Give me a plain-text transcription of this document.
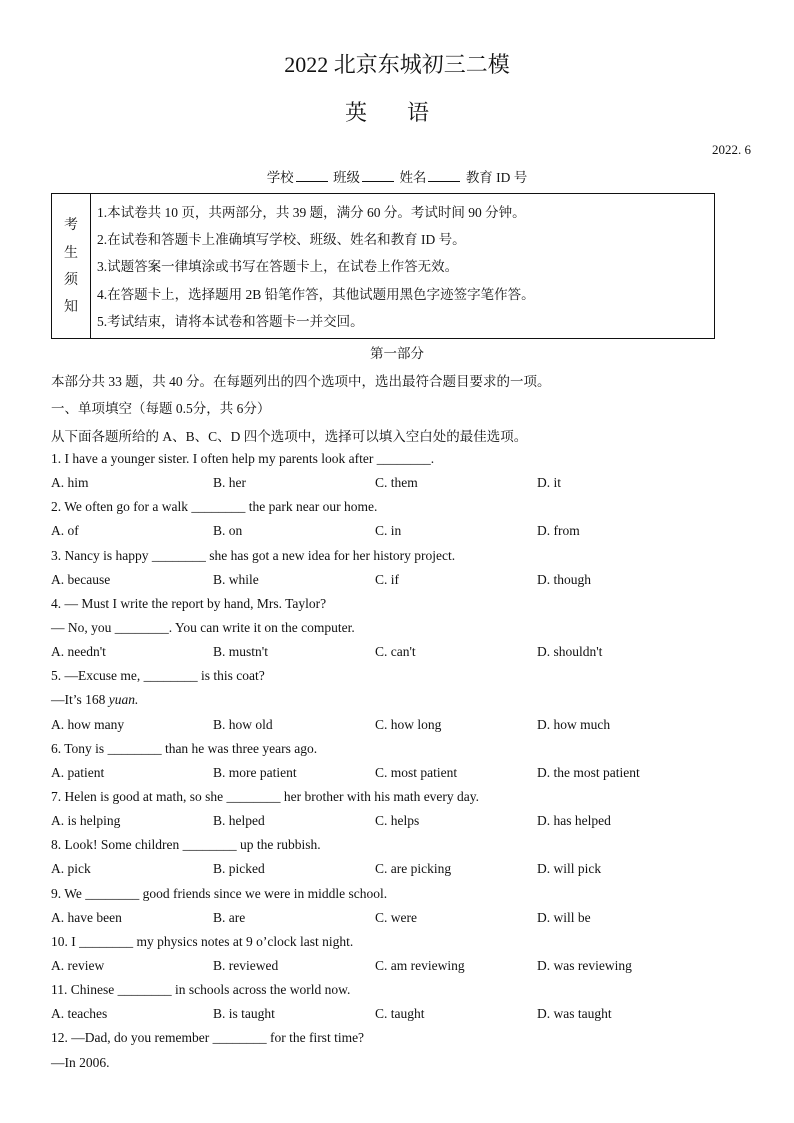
2022 北京东城初三二模
英语
2022. 6
学校	班级	姓名	教育 ID 号
考
生
须
知
1.本试卷共 10 页，共两部分，共 39 题，满分 60 分。考试时间 90 分钟。
2.在试卷和答题卡上准确填写学校、班级、姓名和教育 ID 号。
3.试题答案一律填涂或书写在答题卡上，在试卷上作答无效。
4.在答题卡上，选择题用 2B 铅笔作答，其他试题用黑色字迹签字笔作答。
5.考试结束，请将本试卷和答题卡一并交回。
第一部分
本部分共 33 题，共 40 分。在每题列出的四个选项中，选出最符合题目要求的一项。
一、单项填空（每题 0.5分，共 6分）
从下面各题所给的 A、B、C、D 四个选项中，选择可以填入空白处的最佳选项。
1. I have a younger sister. I often help my parents look after ________.
A. him	B. her	C. them	D. it
2. We often go for a walk ________ the park near our home.
A. of	B. on	C. in	D. from
3. Nancy is happy ________ she has got a new idea for her history project.
A. because	B. while	C. if	D. though
4. — Must I write the report by hand, Mrs. Taylor?
— No, you ________. You can write it on the computer.
A. needn't	B. mustn't	C. can't	D. shouldn't
5. —Excuse me, ________ is this coat?
—It’s 168 yuan.
A. how many	B. how old	C. how long	D. how much
6. Tony is ________ than he was three years ago.
A. patient	B. more patient	C. most patient	D. the most patient
7. Helen is good at math, so she ________ her brother with his math every day.
A. is helping	B. helped	C. helps	D. has helped
8. Look! Some children ________ up the rubbish.
A. pick	B. picked	C. are picking	D. will pick
9. We ________ good friends since we were in middle school.
A. have been	B. are	C. were	D. will be
10. I ________ my physics notes at 9 o’clock last night.
A. review	B. reviewed	C. am reviewing	D. was reviewing
11. Chinese ________ in schools across the world now.
A. teaches	B. is taught	C. taught	D. was taught
12. —Dad, do you remember ________ for the first time?
—In 2006.
